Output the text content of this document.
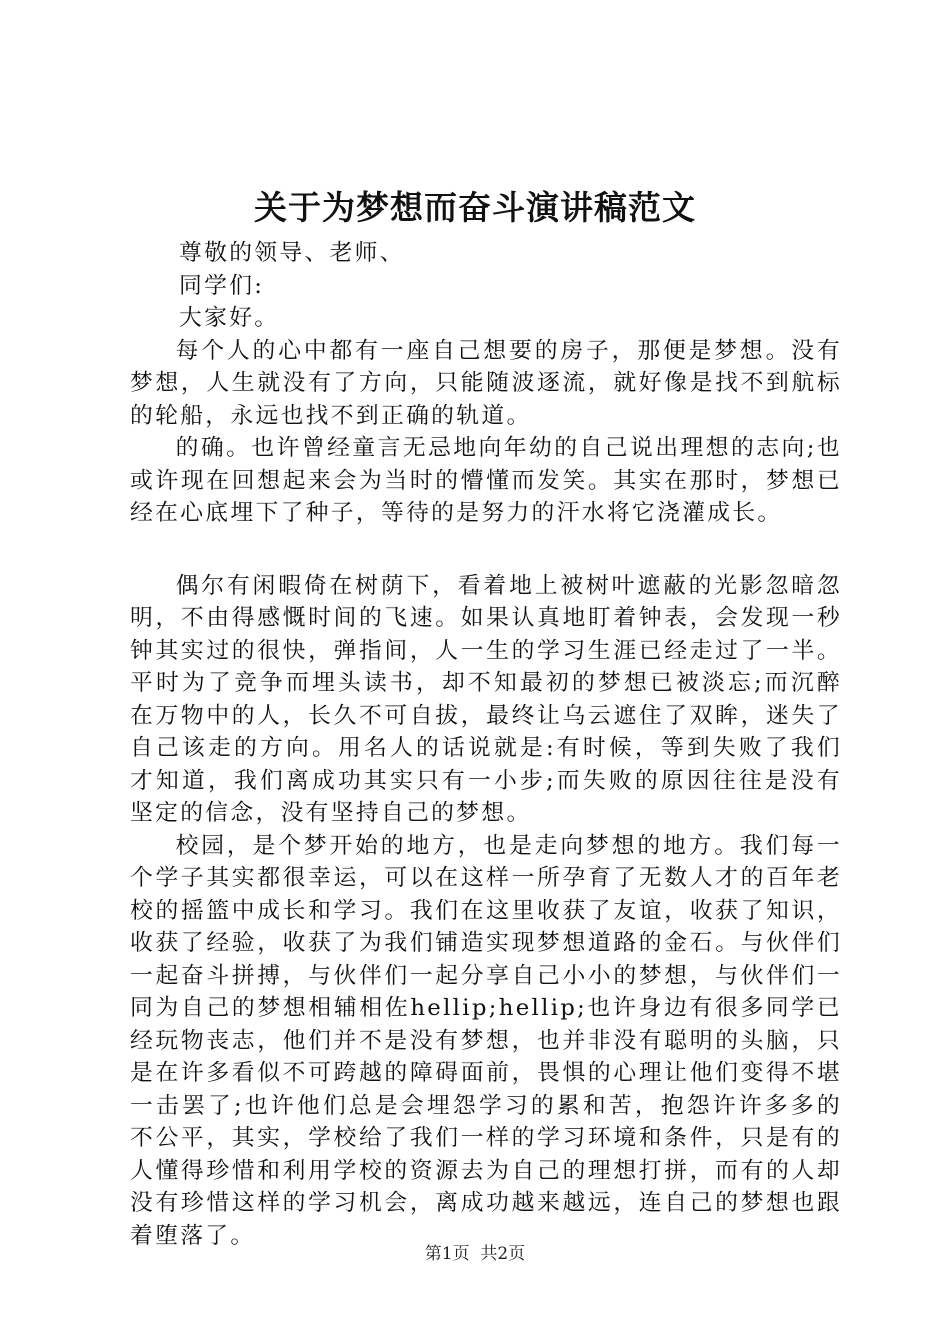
关于为梦想而奋斗演讲稿范文

尊敬的领导、老师、

同学们:

大家好。

每个人的心中都有一座自己想要的房子，那便是梦想。没有梦想，人生就没有了方向，只能随波逐流，就好像是找不到航标的轮船，永远也找不到正确的轨道。

的确。也许曾经童言无忌地向年幼的自己说出理想的志向;也或许现在回想起来会为当时的懵懂而发笑。其实在那时，梦想已经在心底埋下了种子，等待的是努力的汗水将它浇灌成长。

偶尔有闲暇倚在树荫下，看着地上被树叶遮蔽的光影忽暗忽明，不由得感慨时间的飞速。如果认真地盯着钟表，会发现一秒钟其实过的很快，弹指间，人一生的学习生涯已经走过了一半。平时为了竞争而埋头读书，却不知最初的梦想已被淡忘;而沉醉在万物中的人，长久不可自拔，最终让乌云遮住了双眸，迷失了自己该走的方向。用名人的话说就是:有时候，等到失败了我们才知道，我们离成功其实只有一小步;而失败的原因往往是没有坚定的信念，没有坚持自己的梦想。

校园，是个梦开始的地方，也是走向梦想的地方。我们每一个学子其实都很幸运，可以在这样一所孕育了无数人才的百年老校的摇篮中成长和学习。我们在这里收获了友谊，收获了知识，收获了经验，收获了为我们铺造实现梦想道路的金石。与伙伴们一起奋斗拼搏，与伙伴们一起分享自己小小的梦想，与伙伴们一同为自己的梦想相辅相佐hellip;hellip;也许身边有很多同学已经玩物丧志，他们并不是没有梦想，也并非没有聪明的头脑，只是在许多看似不可跨越的障碍面前，畏惧的心理让他们变得不堪一击罢了;也许他们总是会埋怨学习的累和苦，抱怨许许多多的不公平，其实，学校给了我们一样的学习环境和条件，只是有的人懂得珍惜和利用学校的资源去为自己的理想打拼，而有的人却没有珍惜这样的学习机会，离成功越来越远，连自己的梦想也跟着堕落了。

第1页 共2页
